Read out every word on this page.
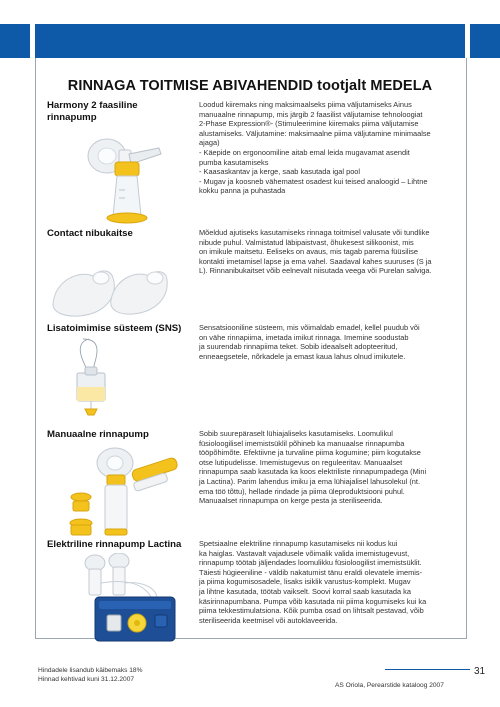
RINNAGA TOITMISE ABIVAHENDID tootjalt MEDELA
Harmony 2 faasiline rinnapump
Loodud kiiremaks ning maksimaalseks piima väljutamiseks Ainus
manuaalne rinnapump, mis järgib 2 faasilist väljutamise tehnoloogiat
2-Phase Expression®- (Stimuleerimine kiiremaks piima väljutamise
alustamiseks. Väljutamine: maksimaalne piima väljutamine minimaalse
ajaga)
- Käepide on ergonoomiline aitab emal leida mugavamat asendit
pumba kasutamiseks
- Kaasaskantav ja kerge, saab kasutada igal pool
- Mugav ja koosneb vähematest osadest kui teised analoogid – Lihtne
kokku panna ja puhastada
Contact nibukaitse	Mõeldud ajutiseks kasutamiseks rinnaga toitmisel valusate või tundlike
nibude puhul. Valmistatud läbipaistvast, õhukesest silikoonist, mis
on imikule maitsetu. Eeliseks on avaus, mis tagab parema füüsilise
kontakti imetamisel lapse ja ema vahel. Saadaval kahes suuruses (S ja
L). Rinnanibukaitset võib eelnevalt niisutada veega või Purelan salviga.
Lisatoimimise süsteem (SNS)	Sensatsiooniline süsteem, mis võimaldab emadel, kellel puudub või
on vähe rinnapiima, imetada imikut rinnaga. Imemine soodustab
ja suurendab rinnapiima teket. Sobib ideaalselt adopteeritud,
enneaegsetele, nõrkadele ja emast kaua lahus olnud imikutele.
Manuaalne rinnapump	Sobib suurepäraselt lühiajaliseks kasutamiseks. Loomulikul
füsioloogilisel imemistsüklil põhineb ka manuaalse rinnapumba
tööpõhimõte. Efektiivne ja turvaline piima kogumine; piim kogutakse
otse lutipudelisse. Imemistugevus on reguleeritav. Manuaalset
rinnapumpa saab kasutada ka koos elektriliste rinnapumpadega (Mini
ja Lactina). Parim lahendus imiku ja ema lühiajalisel lahusolekul (nt.
ema töö tõttu), hellade rindade ja piima üleproduktsiooni puhul.
Manuaalset rinnapumpa on kerge pesta ja steriliseerida.
Elektriline rinnapump Lactina	Spetsiaalne elektriline rinnapump kasutamiseks nii kodus kui
ka haiglas. Vastavalt vajadusele võimalik valida imemistugevust,
rinnapump töötab jäljendades loomulikku füsioloogilist imemistsüklit.
Täiesti hügieeniline - väldib nakatumist tänu eraldi olevatele imemis-
ja piima kogumisosadele, lisaks isiklik varustus-komplekt. Mugav
ja lihtne kasutada, töötab vaikselt. Soovi korral saab kasutada ka
käsirinnapumbana. Pumpa võib kasutada nii piima kogumiseks kui ka
piima tekkestimulatsiona. Kõik pumba osad on lihtsalt pestavad, võib
steriliseerida keetmisel või autoklaveerida.
Hindadele lisandub käibemaks 18%
Hinnad kehtivad kuni 31.12.2007
31
AS Oriola, Perearstide kataloog 2007
